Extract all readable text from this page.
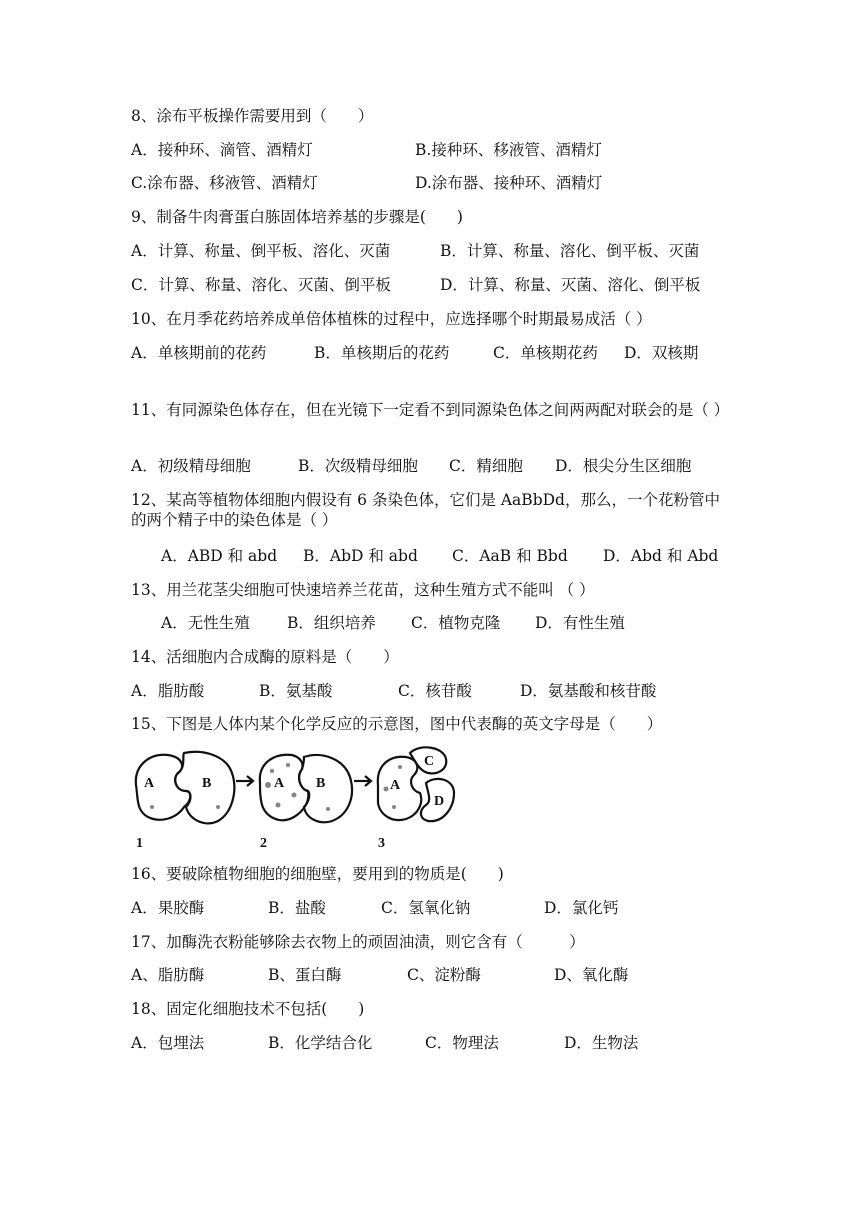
8、涂布平板操作需要用到（　　）
A．接种环、滴管、酒精灯	B.接种环、移液管、酒精灯
C.涂布器、移液管、酒精灯	D.涂布器、接种环、酒精灯
9、制备牛肉膏蛋白胨固体培养基的步骤是(　　)
A．计算、称量、倒平板、溶化、灭菌	B．计算、称量、溶化、倒平板、灭菌
C．计算、称量、溶化、灭菌、倒平板	D．计算、称量、灭菌、溶化、倒平板
10、在月季花药培养成单倍体植株的过程中，应选择哪个时期最易成活（ ）
A．单核期前的花药	B．单核期后的花药	C．单核期花药 D．双核期
11、有同源染色体存在，但在光镜下一定看不到同源染色体之间两两配对联会的是（ ）
A．初级精母细胞	B．次级精母细胞 C．精细胞 D．根尖分生区细胞
12、某高等植物体细胞内假设有 6 条染色体，它们是 AaBbDd，那么，一个花粉管中的两个精子中的染色体是（ ）
A．ABD 和 abd B．AbD 和 abd C．AaB 和 Bbd D．Abd 和 Abd
13、用兰花茎尖细胞可快速培养兰花苗，这种生殖方式不能叫 （ ）
A．无性生殖 B．组织培养 C．植物克隆 D．有性生殖
14、活细胞内合成酶的原料是（　　）
A．脂肪酸	B．氨基酸	C．核苷酸	D．氨基酸和核苷酸
15、下图是人体内某个化学反应的示意图，图中代表酶的英文字母是（　　）
A	B	A B	A
C
D
1	2	3
16、要破除植物细胞的细胞壁，要用到的物质是(　　)
A．果胶酶	B．盐酸	C．氢氧化钠	D．氯化钙
17、加酶洗衣粉能够除去衣物上的顽固油渍，则它含有（　　　）
A、脂肪酶	B、蛋白酶	C、淀粉酶	D、氧化酶
18、固定化细胞技术不包括(　　)
A．包埋法	B．化学结合化	C．物理法	D．生物法
